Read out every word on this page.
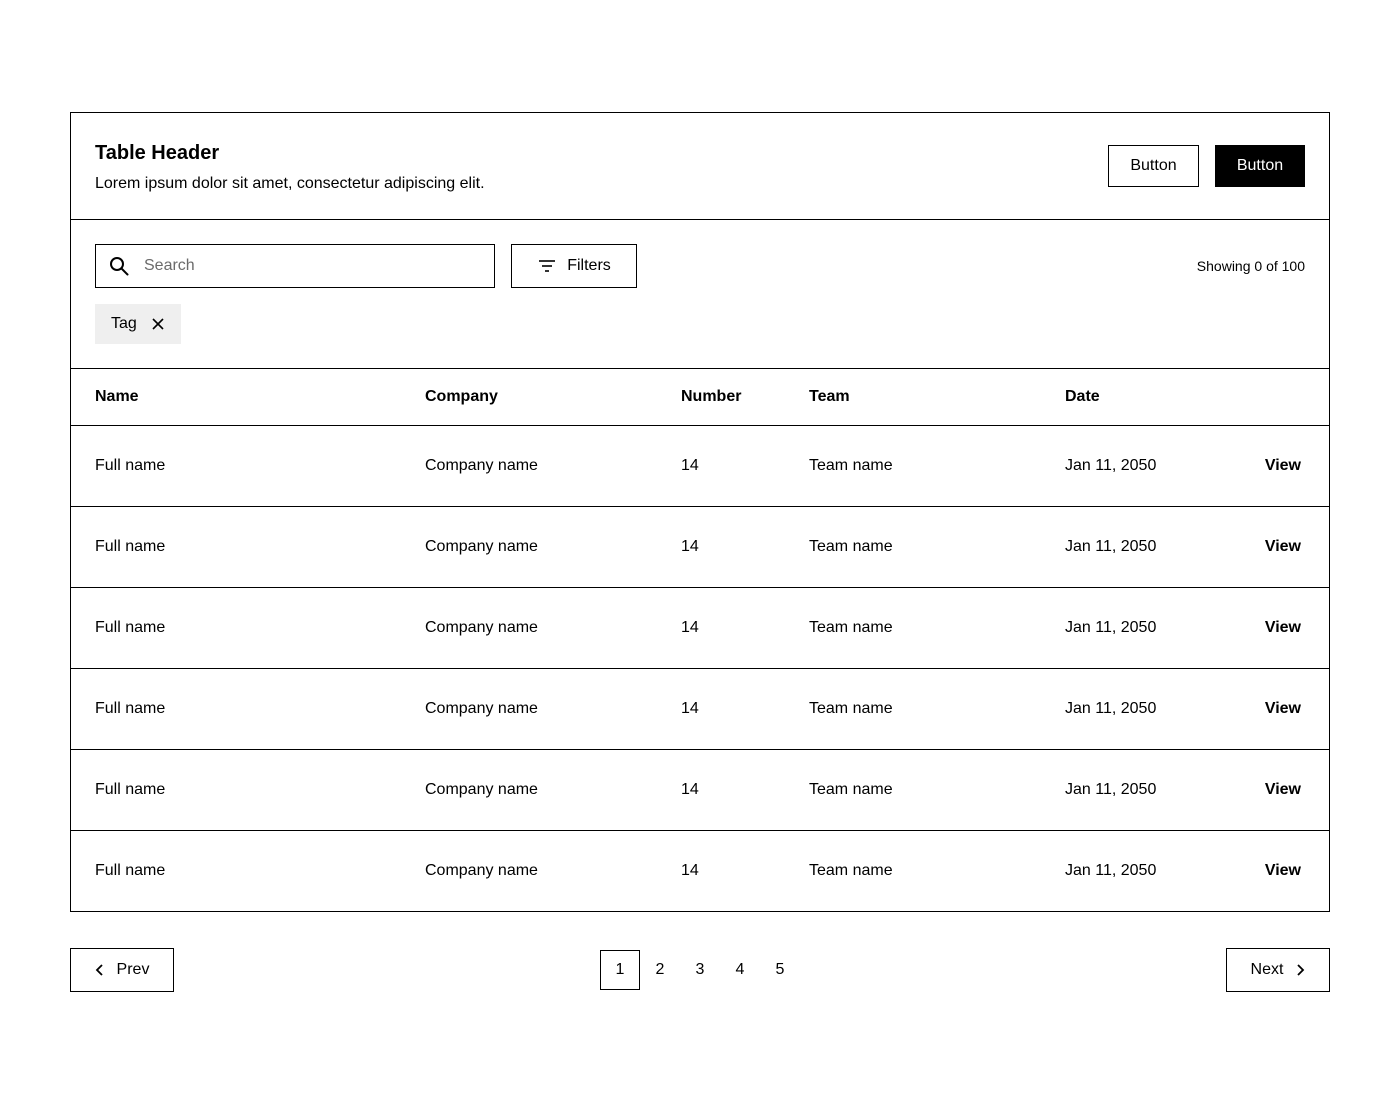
Table Header
Lorem ipsum dolor sit amet, consectetur adipiscing elit.
Button	Button
Search
Filters	Showing 0 of 100
Tag
Name	Company	Number	Team	Date
Full name	Company name	14	Team name	Jan 11, 2050	View
Full name	Company name	14	Team name	Jan 11, 2050	View
Full name	Company name	14	Team name	Jan 11, 2050	View
Full name	Company name	14	Team name	Jan 11, 2050	View
Full name	Company name	14	Team name	Jan 11, 2050	View
Full name	Company name	14	Team name	Jan 11, 2050	View
Prev	1	2	3	4	5	Next
